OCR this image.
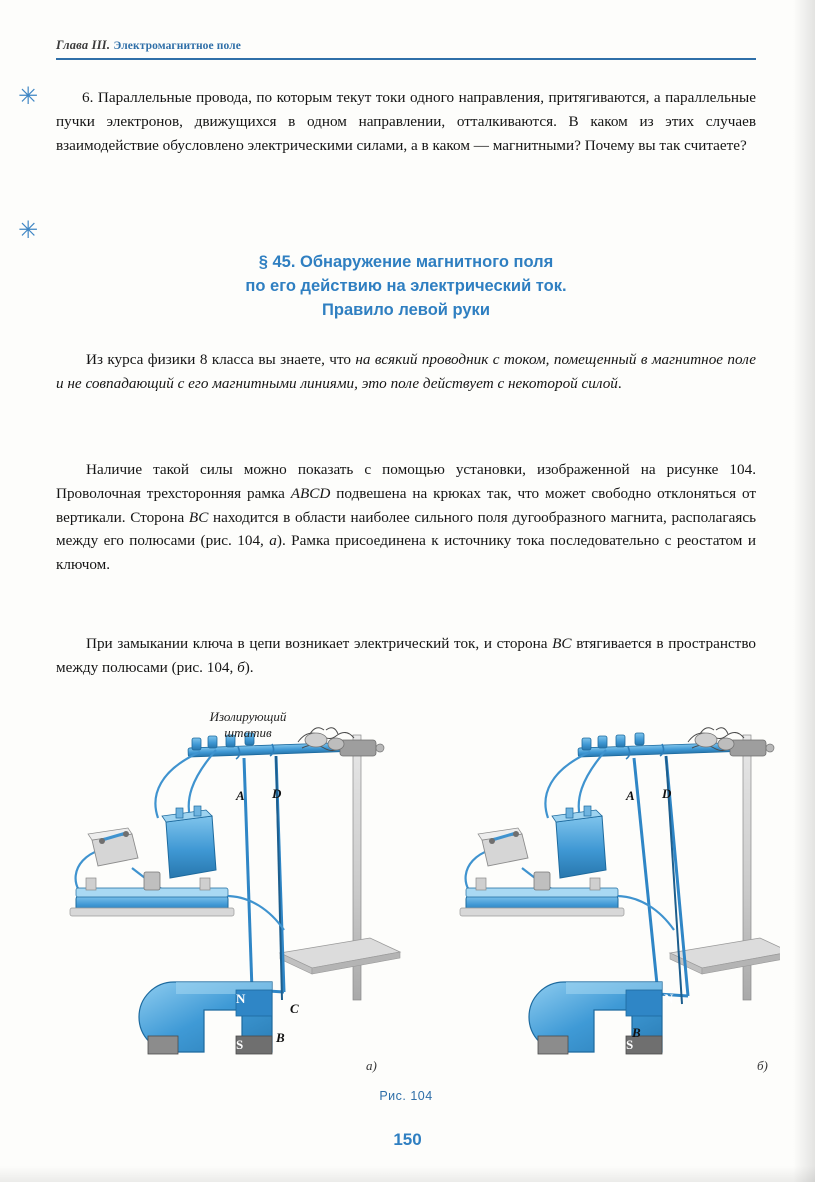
Глава III. Электромагнитное поле
✳
✳
6. Параллельные провода, по которым текут токи одного направления, притягиваются, а параллельные пучки электронов, движущихся в одном направлении, отталкиваются. В каком из этих случаев взаимодействие обусловлено электрическими силами, а в каком — магнитными? Почему вы так считаете?
§ 45. Обнаружение магнитного поля
по его действию на электрический ток.
Правило левой руки
Из курса физики 8 класса вы знаете, что на всякий проводник с током, помещенный в магнитное поле и не совпадающий с его магнитными линиями, это поле действует с некоторой силой.
Наличие такой силы можно показать с помощью установки, изображенной на рисунке 104. Проволочная трехсторонняя рамка ABCD подвешена на крюках так, что может свободно отклоняться от вертикали. Сторона BC находится в области наиболее сильного поля дугообразного магнита, располагаясь между его полюсами (рис. 104, а). Рамка присоединена к источнику тока последовательно с реостатом и ключом.
При замыкании ключа в цепи возникает электрический ток, и сторона BC втягивается в пространство между полюсами (рис. 104, б).
A D
C
B
N
S
A D
B
N
S
Изолирующий
штатив
а)	б)
Рис. 104
150
